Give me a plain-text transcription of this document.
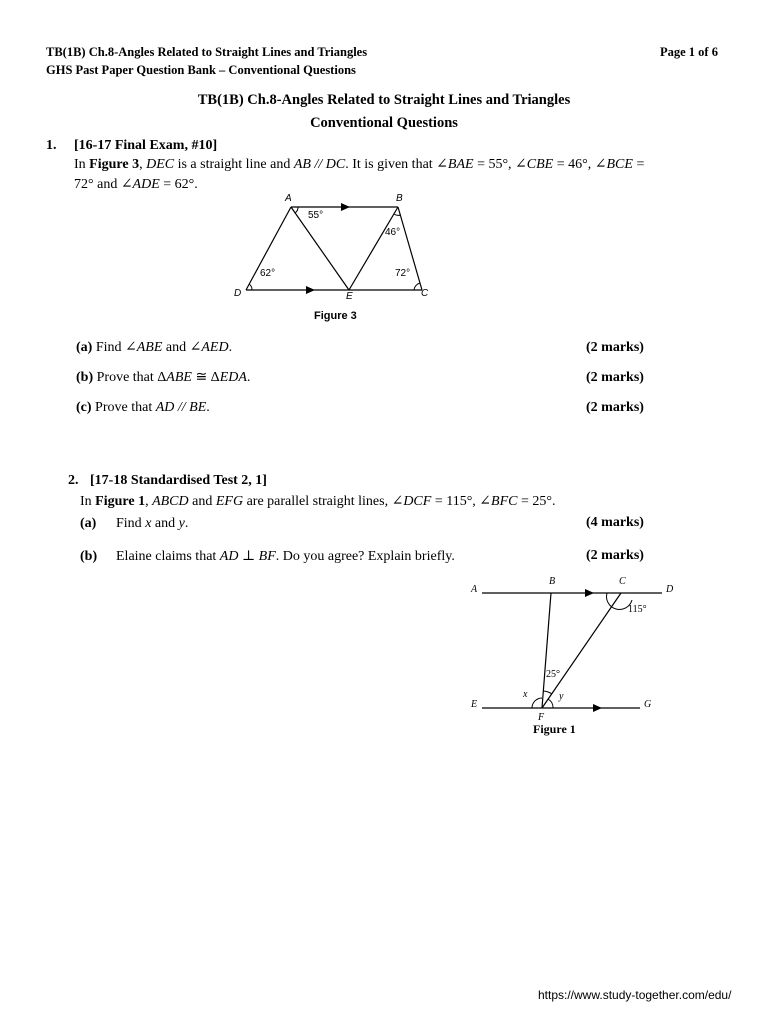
TB(1B) Ch.8-Angles Related to Straight Lines and Triangles
GHS Past Paper Question Bank – Conventional Questions
Page 1 of 6
TB(1B) Ch.8-Angles Related to Straight Lines and Triangles
Conventional Questions
1. [16-17 Final Exam, #10]
In Figure 3, DEC is a straight line and AB // DC. It is given that ∠BAE = 55°, ∠CBE = 46°, ∠BCE =
72° and ∠ADE = 62°.
A	B
C
D	E
55°
46°
62°	72°
Figure 3
(a) Find ∠ABE and ∠AED.	(2 marks)
(b) Prove that ΔABE ≅ ΔEDA.	(2 marks)
(c) Prove that AD // BE.	(2 marks)
2. [17-18 Standardised Test 2, 1]
In Figure 1, ABCD and EFG are parallel straight lines, ∠DCF = 115°, ∠BFC = 25°.
(a) Find x and y.	(4 marks)
(b) Elaine claims that AD ⊥ BF. Do you agree? Explain briefly.	(2 marks)
A
B	C
D
E
F
G
115°
25°
x	y
Figure 1
https://www.study-together.com/edu/
